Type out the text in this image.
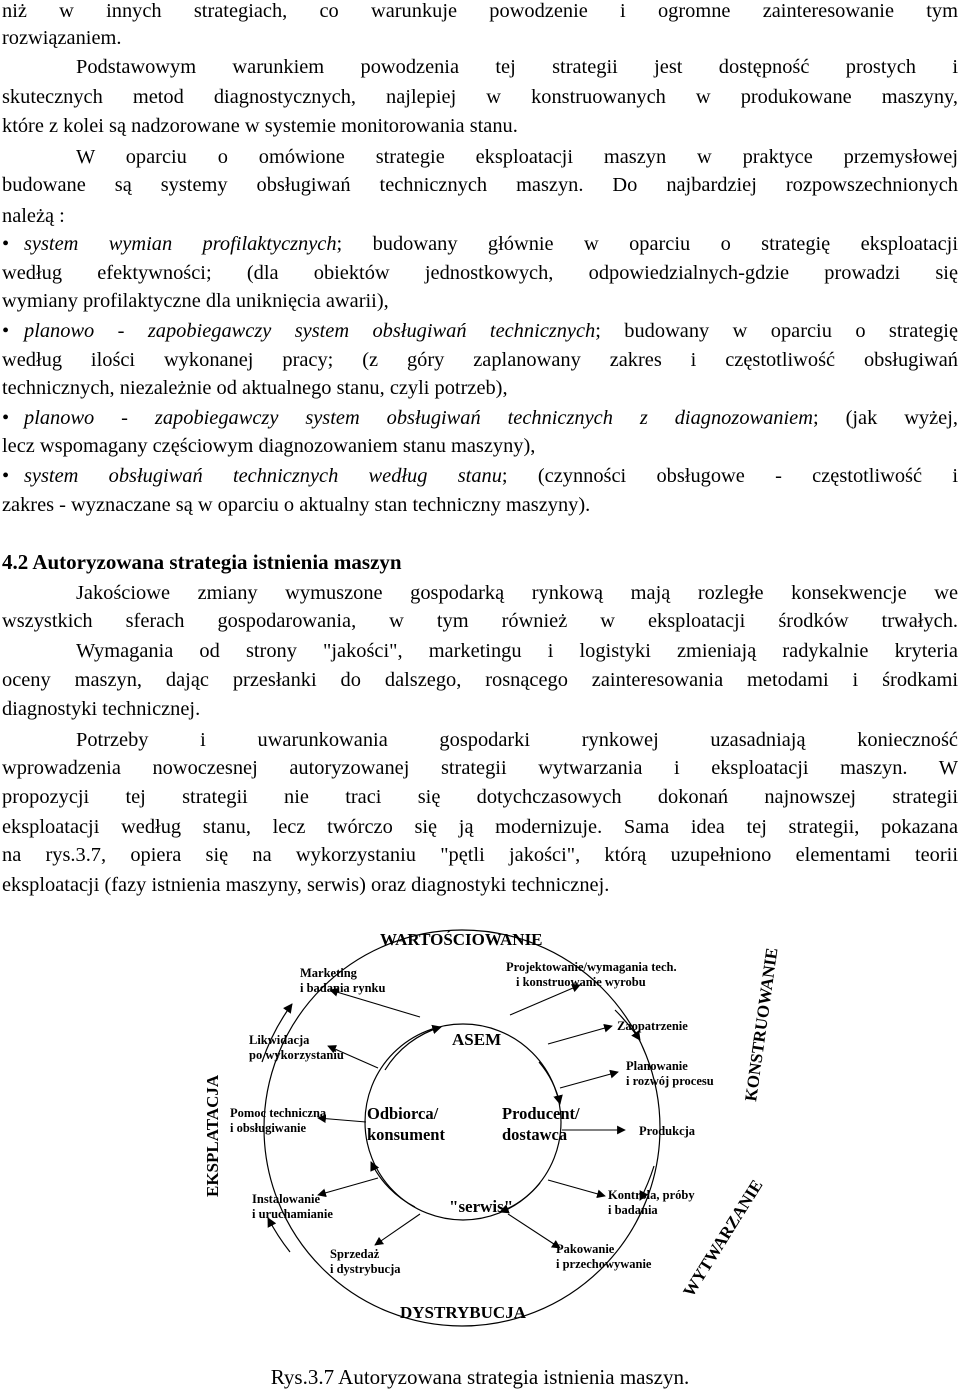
niż w innych strategiach, co warunkuje powodzenie i ogromne zainteresowanie tym
rozwiązaniem.
Podstawowym warunkiem powodzenia tej strategii jest dostępność prostych i
skutecznych metod diagnostycznych, najlepiej w konstruowanych w produkowane maszyny,
które z kolei są nadzorowane w systemie monitorowania stanu.
W oparciu o omówione strategie eksploatacji maszyn w praktyce przemysłowej
budowane są systemy obsługiwań technicznych maszyn. Do najbardziej rozpowszechnionych
należą :
• system wymian profilaktycznych; budowany głównie w oparciu o strategię eksploatacji
według efektywności; (dla obiektów jednostkowych, odpowiedzialnych-gdzie prowadzi się
wymiany profilaktyczne dla uniknięcia awarii),
• planowo - zapobiegawczy system obsługiwań technicznych; budowany w oparciu o strategię
według ilości wykonanej pracy; (z góry zaplanowany zakres i częstotliwość obsługiwań
technicznych, niezależnie od aktualnego stanu, czyli potrzeb),
• planowo - zapobiegawczy system obsługiwań technicznych z diagnozowaniem; (jak wyżej,
lecz wspomagany częściowym diagnozowaniem stanu maszyny),
• system obsługiwań technicznych według stanu; (czynności obsługowe - częstotliwość i
zakres - wyznaczane są w oparciu o aktualny stan techniczny maszyny).
4.2 Autoryzowana strategia istnienia maszyn
Jakościowe zmiany wymuszone gospodarką rynkową mają rozległe konsekwencje we
wszystkich sferach gospodarowania, w tym również w eksploatacji środków trwałych.
Wymagania od strony "jakości", marketingu i logistyki zmieniają radykalnie kryteria
oceny maszyn, dając przesłanki do dalszego, rosnącego zainteresowania metodami i środkami
diagnostyki technicznej.
Potrzeby i uwarunkowania gospodarki rynkowej uzasadniają konieczność
wprowadzenia nowoczesnej autoryzowanej strategii wytwarzania i eksploatacji maszyn. W
propozycji tej strategii nie traci się dotychczasowych dokonań najnowszej strategii
eksploatacji według stanu, lecz twórczo się ją modernizuje. Sama idea tej strategii, pokazana
na rys.3.7, opiera się na wykorzystaniu "pętli jakości", którą uzupełniono elementami teorii
eksploatacji (fazy istnienia maszyny, serwis) oraz diagnostyki technicznej.
WARTOŚCIOWANIE
DYSTRYBUCJA
EKSPLATACJA
KONSTRUOWANIE
WYTWARZANIE
ASEM
Odbiorca/
konsument
Producent/
dostawca
"serwis"
Marketing
i badania rynku
Projektowanie/wymagania tech.
i konstruowanie wyrobu
Zaopatrzenie
Planowanie
i rozwój procesu
Produkcja
Kontrola, próby
i badania
Pakowanie
i przechowywanie
Sprzedaż
i dystrybucja
Instalowanie
i uruchamianie
Pomoc techniczna
i obsługiwanie
Likwidacja
po wykorzystaniu
Rys.3.7 Autoryzowana strategia istnienia maszyn.
